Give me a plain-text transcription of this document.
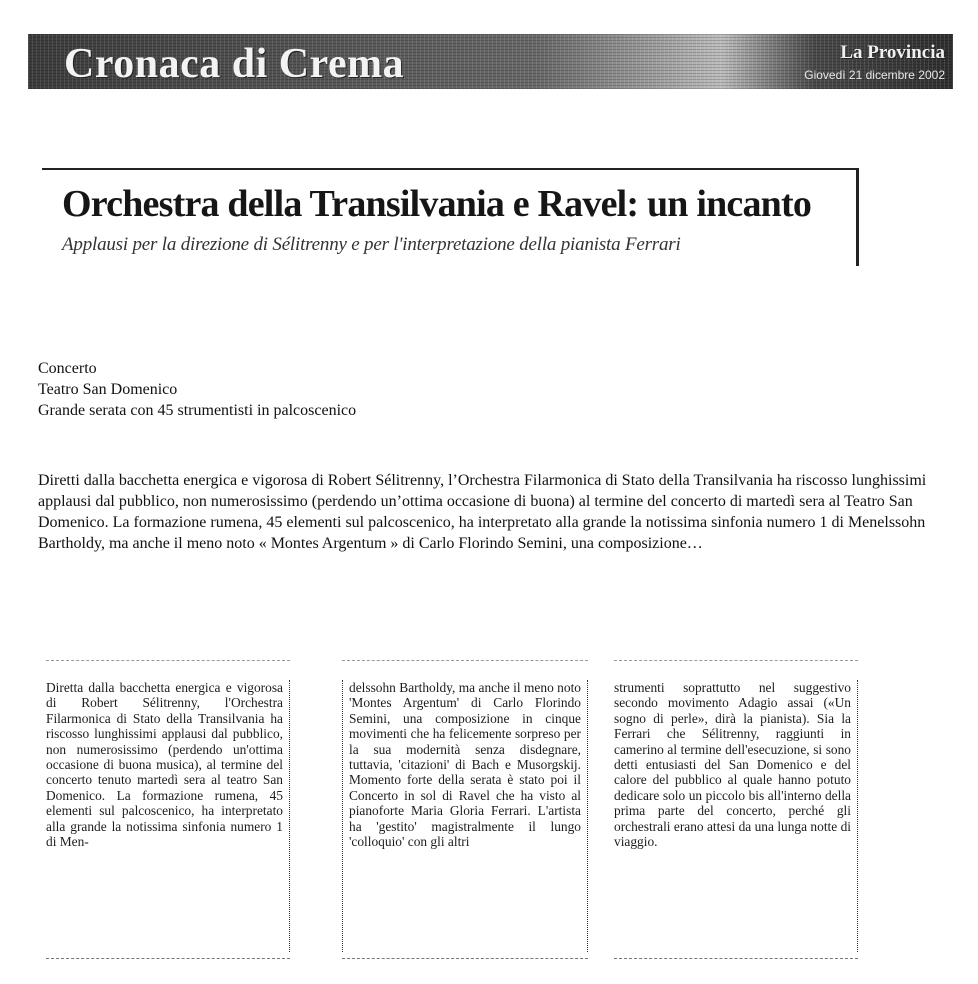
Cronaca di Crema	La Provincia
Giovedì 21 dicembre 2002
Orchestra della Transilvania e Ravel: un incanto
Applausi per la direzione di Sélitrenny e per l'interpretazione della pianista Ferrari
Concerto
Teatro San Domenico
Grande serata con 45 strumentisti in palcoscenico
Diretti dalla bacchetta energica e vigorosa di Robert Sélitrenny, l’Orchestra Filarmonica di Stato della Transilvania ha riscosso lunghissimi applausi dal pubblico, non numerosissimo (perdendo un’ottima occasione di buona) al termine del concerto di martedì sera al Teatro San Domenico. La formazione rumena, 45 elementi sul palcoscenico, ha interpretato alla grande la notissima sinfonia numero 1 di Menelssohn Bartholdy, ma anche il meno noto « Montes Argentum » di Carlo Florindo Semini, una composizione…
Diretta dalla bacchetta energica e vigorosa di Robert Sélitrenny, l'Orchestra Filarmonica di Stato della Transilvania ha riscosso lunghissimi applausi dal pubblico, non numerosissimo (perdendo un'ottima occasione di buona musica), al termine del concerto tenuto martedì sera al teatro San Domenico. La formazione rumena, 45 elementi sul palcoscenico, ha interpretato alla grande la notissima sinfonia numero 1 di Men-
delssohn Bartholdy, ma anche il meno noto 'Montes Argentum' di Carlo Florindo Semini, una composizione in cinque movimenti che ha felicemente sorpreso per la sua modernità senza disdegnare, tuttavia, 'citazioni' di Bach e Musorgskij. Momento forte della serata è stato poi il Concerto in sol di Ravel che ha visto al pianoforte Maria Gloria Ferrari. L'artista ha 'gestito' magistralmente il lungo 'colloquio' con gli altri
strumenti soprattutto nel suggestivo secondo movimento Adagio assai («Un sogno di perle», dirà la pianista). Sia la Ferrari che Sélitrenny, raggiunti in camerino al termine dell'esecuzione, si sono detti entusiasti del San Domenico e del calore del pubblico al quale hanno potuto dedicare solo un piccolo bis all'interno della prima parte del concerto, perché gli orchestrali erano attesi da una lunga notte di viaggio.
